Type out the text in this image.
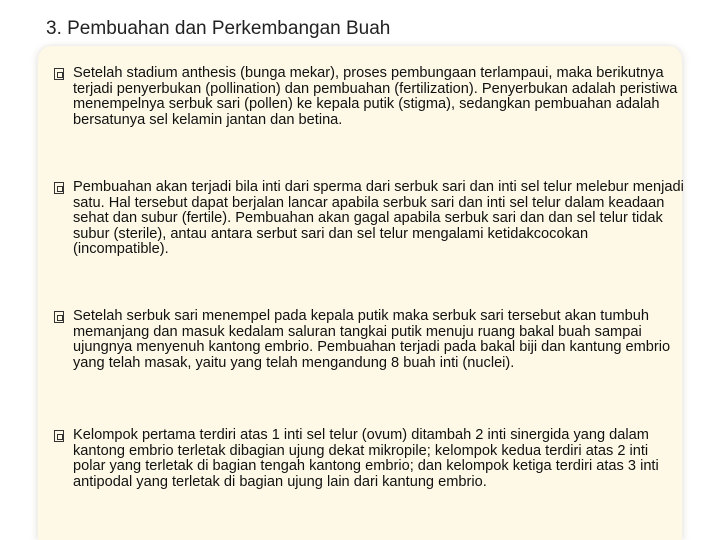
3. Pembuahan dan Perkembangan Buah

Setelah stadium anthesis (bunga mekar), proses pembungaan terlampaui, maka berikutnya terjadi penyerbukan (pollination) dan pembuahan (fertilization). Penyerbukan adalah peristiwa menempelnya serbuk sari (pollen) ke kepala putik (stigma), sedangkan pembuahan adalah bersatunya sel kelamin jantan dan betina.

Pembuahan akan terjadi bila inti dari sperma dari serbuk sari dan inti sel telur melebur menjadi satu. Hal tersebut dapat berjalan lancar apabila serbuk sari dan inti sel telur dalam keadaan sehat dan subur (fertile). Pembuahan akan gagal apabila serbuk sari dan dan sel telur tidak subur (sterile), antau antara serbut sari dan sel telur mengalami ketidakcocokan (incompatible).

Setelah serbuk sari menempel pada kepala putik maka serbuk sari tersebut akan tumbuh memanjang dan masuk kedalam saluran tangkai putik menuju ruang bakal buah sampai ujungnya menyenuh kantong embrio. Pembuahan terjadi pada bakal biji dan kantung embrio yang telah masak, yaitu yang telah mengandung 8 buah inti (nuclei).

Kelompok pertama terdiri atas 1 inti sel telur (ovum) ditambah 2 inti sinergida yang dalam kantong embrio terletak dibagian ujung dekat mikropile; kelompok kedua terdiri atas 2 inti polar yang terletak di bagian tengah kantong embrio; dan kelompok ketiga terdiri atas 3 inti antipodal yang terletak di bagian ujung lain dari kantung embrio.
